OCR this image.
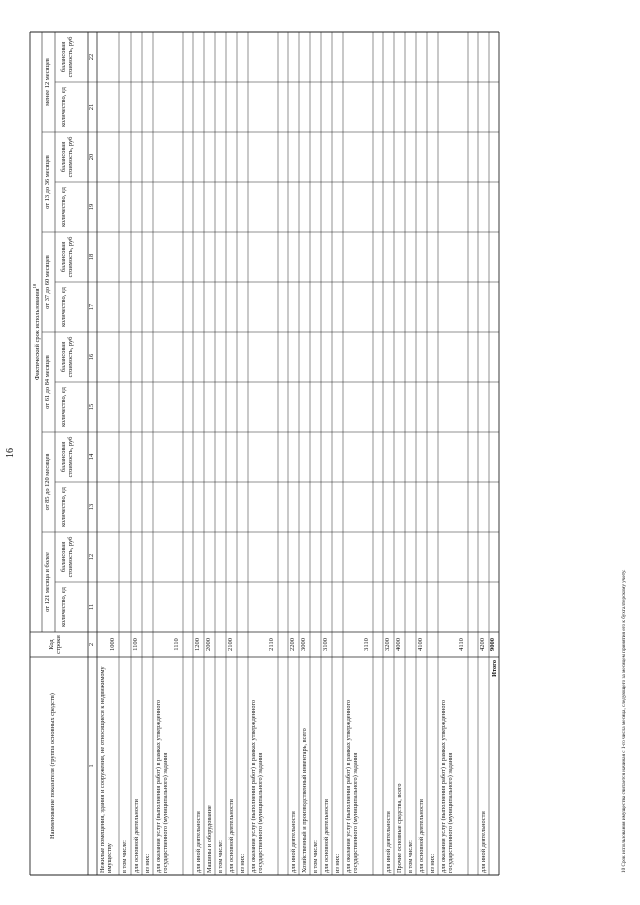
16
Наименование показателя (группа основных средств)
Код строки
Фактический срок использования$^{10}$
от 121 месяца и более
от 85 до 120 месяцев
от 61 до 84 месяцев
от 37 до 60 месяцев
от 13 до 36 месяцев
менее 12 месяцев
количество, ед
балансовая стоимость, руб
количество, ед
балансовая стоимость, руб
количество, ед
балансовая стоимость, руб
количество, ед
балансовая стоимость, руб
количество, ед
балансовая стоимость, руб
количество, ед
балансовая стоимость, руб
1
2
11
12
13
14
15
16
17
18
19
20
21
22
Нежилые помещения, здания и сооружения, не относящиеся к недвижимому имуществу
1000
в том числе: для основной деятельности
1100
из них: для оказания услуг (выполнения работ) в рамках утвержденного государственного (муниципального) задания
1110
для иной деятельности
1200
Машины и оборудование
2000
в том числе: для основной деятельности
2100
из них: для оказания услуг (выполнения работ) в рамках утвержденного государственного (муниципального) задания
2110
для иной деятельности
2200
Хозяйственный и производственный инвентарь, всего
3000
в том числе: для основной деятельности
3100
из них: для оказания услуг (выполнения работ) в рамках утвержденного государственного (муниципального) задания
3110
для иной деятельности
3200
Прочие основные средства, всего
4000
в том числе: для основной деятельности
4100
из них: для оказания услуг (выполнения работ) в рамках утвержденного государственного (муниципального) задания
4110
для иной деятельности
4200
Итого
9000	10 Срок использования имущества считается начиная с 1-го числа месяца, следующего за месяцем принятия его к бухгалтерскому учету.
